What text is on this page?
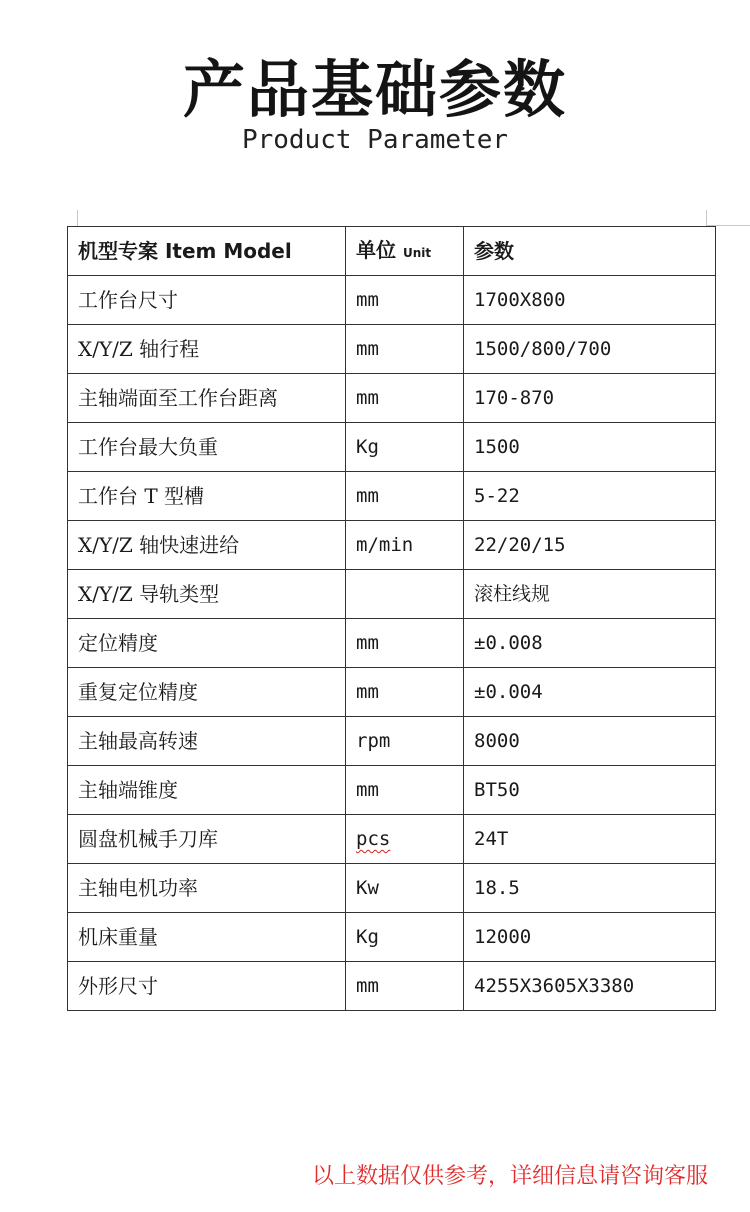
产品基础参数
Product Parameter
机型专案 Item Model	单位 Unit	参数
工作台尺寸	mm	1700X800
X/Y/Z 轴行程	mm	1500/800/700
主轴端面至工作台距离	mm	170-870
工作台最大负重	Kg	1500
工作台 T 型槽	mm	5-22
X/Y/Z 轴快速进给	m/min	22/20/15
X/Y/Z 导轨类型		滚柱线规
定位精度	mm	±0.008
重复定位精度	mm	±0.004
主轴最高转速	rpm	8000
主轴端锥度	mm	BT50
圆盘机械手刀库	pcs	24T
主轴电机功率	Kw	18.5
机床重量	Kg	12000
外形尺寸	mm	4255X3605X3380
以上数据仅供参考，详细信息请咨询客服
